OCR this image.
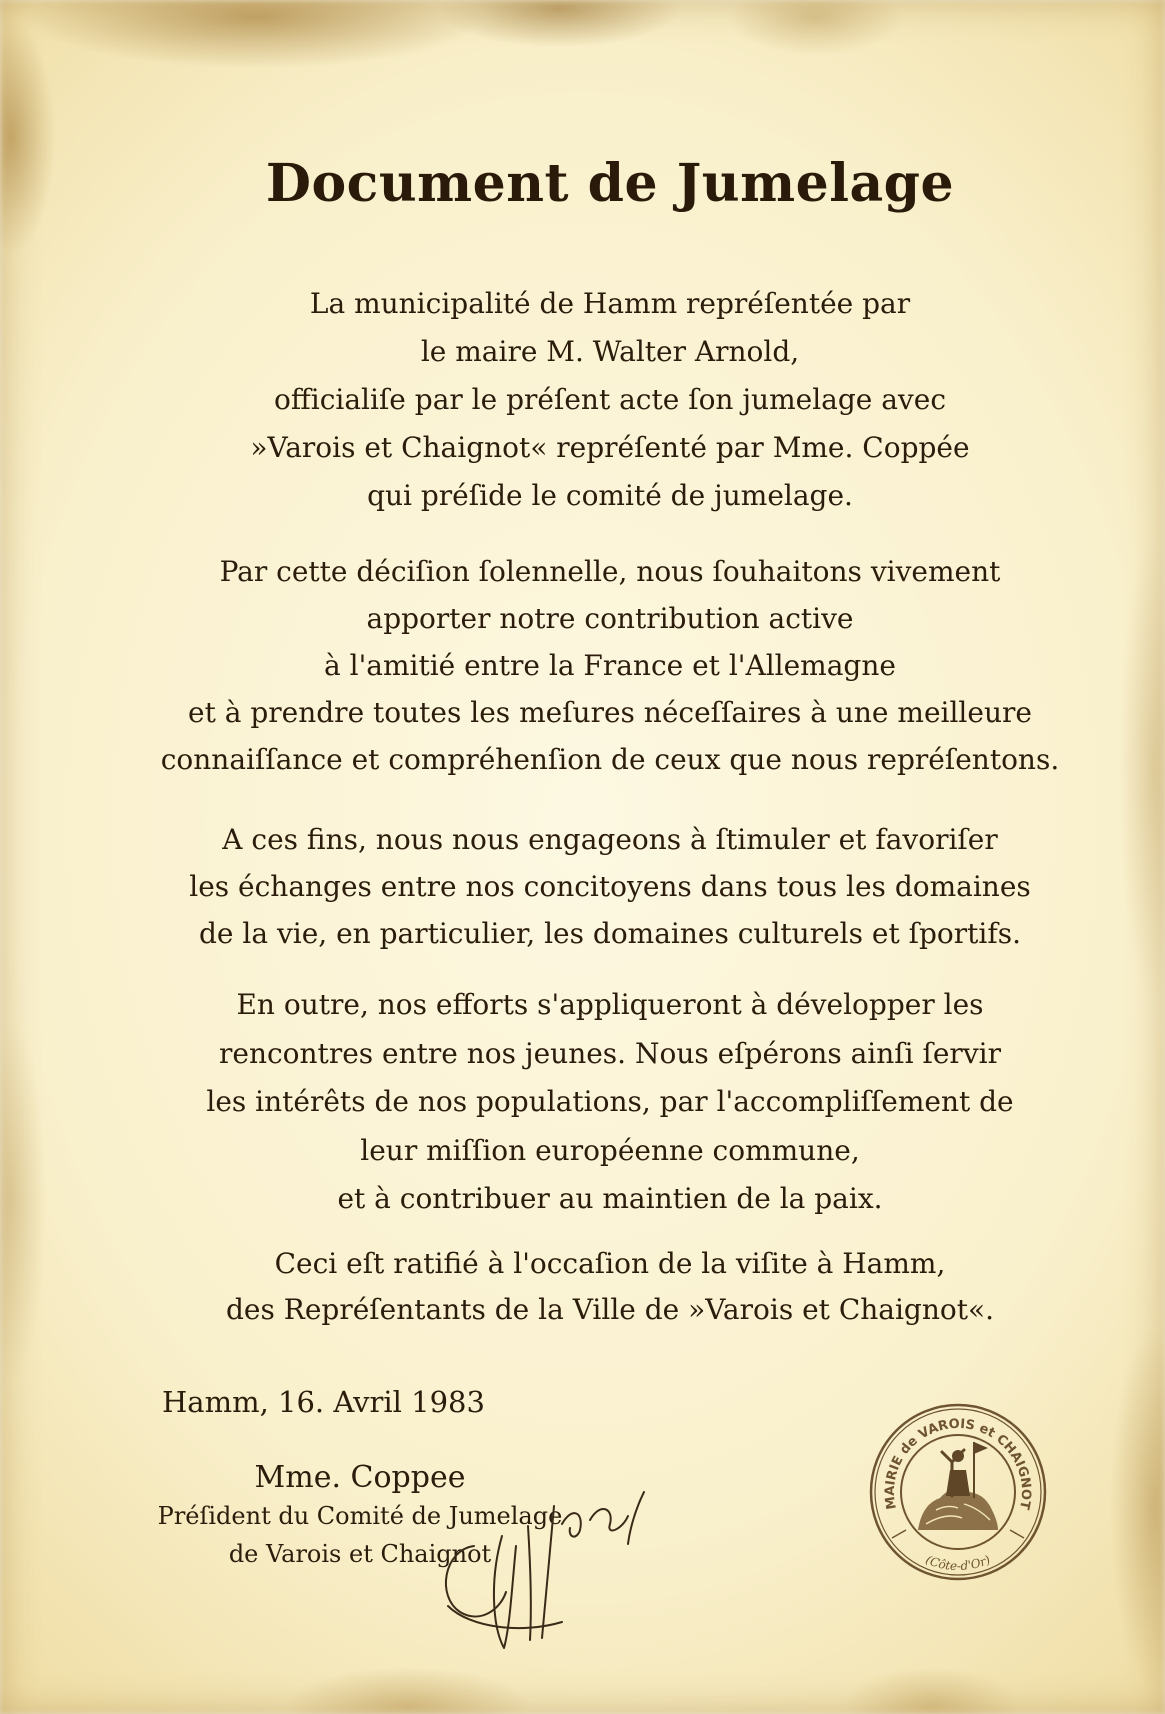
Document de Jumelage
La municipalité de Hamm repréſentée par
le maire M. Walter Arnold,
officialiſe par le préſent acte ſon jumelage avec
»Varois et Chaignot« repréſenté par Mme. Coppée
qui préſide le comité de jumelage.
Par cette déciſion ſolennelle, nous ſouhaitons vivement
apporter notre contribution active
à l'amitié entre la France et l'Allemagne
et à prendre toutes les meſures néceſſaires à une meilleure
connaiſſance et compréhenſion de ceux que nous repréſentons.
A ces fins, nous nous engageons à ſtimuler et favoriſer
les échanges entre nos concitoyens dans tous les domaines
de la vie, en particulier, les domaines culturels et ſportifs.
En outre, nos efforts s'appliqueront à développer les
rencontres entre nos jeunes. Nous eſpérons ainſi ſervir
les intérêts de nos populations, par l'accompliſſement de
leur miſſion européenne commune,
et à contribuer au maintien de la paix.
Ceci eſt ratifié à l'occaſion de la viſite à Hamm,
des Repréſentants de la Ville de »Varois et Chaignot«.
Hamm, 16. Avril 1983
Mme. Coppee
Préſident du Comité de Jumelage
de Varois et Chaignot
MAIRIE de VAROIS et CHAIGNOT
(Côte-d'Or)
